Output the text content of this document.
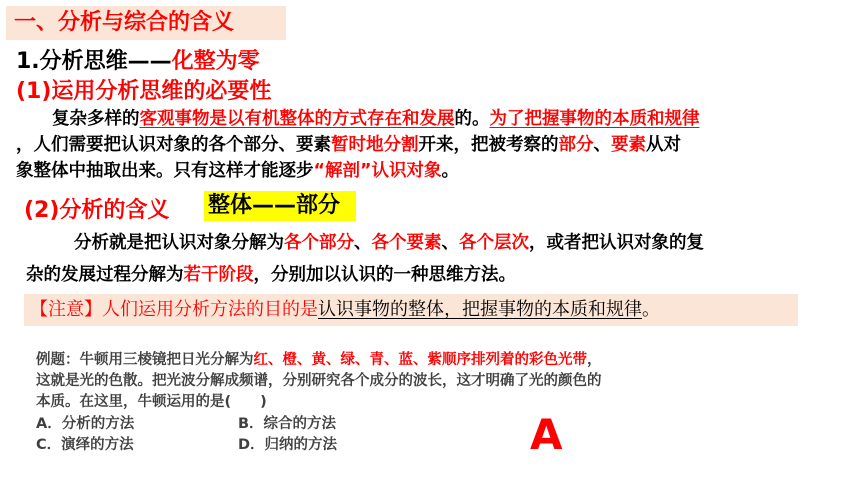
一、分析与综合的含义
1.分析思维——化整为零
(1)运用分析思维的必要性
复杂多样的客观事物是以有机整体的方式存在和发展的。为了把握事物的本质和规律
，人们需要把认识对象的各个部分、要素暂时地分割开来，把被考察的部分、要素从对
象整体中抽取出来。只有这样才能逐步“解剖”认识对象。
(2)分析的含义 整体——部分
分析就是把认识对象分解为各个部分、各个要素、各个层次，或者把认识对象的复
杂的发展过程分解为若干阶段，分别加以认识的一种思维方法。
【注意】人们运用分析方法的目的是认识事物的整体，把握事物的本质和规律。
例题：牛顿用三棱镜把日光分解为红、橙、黄、绿、青、蓝、紫顺序排列着的彩色光带，
这就是光的色散。把光波分解成频谱，分别研究各个成分的波长，这才明确了光的颜色的
本质。在这里，牛顿运用的是(　　)
A．分析的方法	B．综合的方法
C．演绎的方法	D．归纳的方法	A
